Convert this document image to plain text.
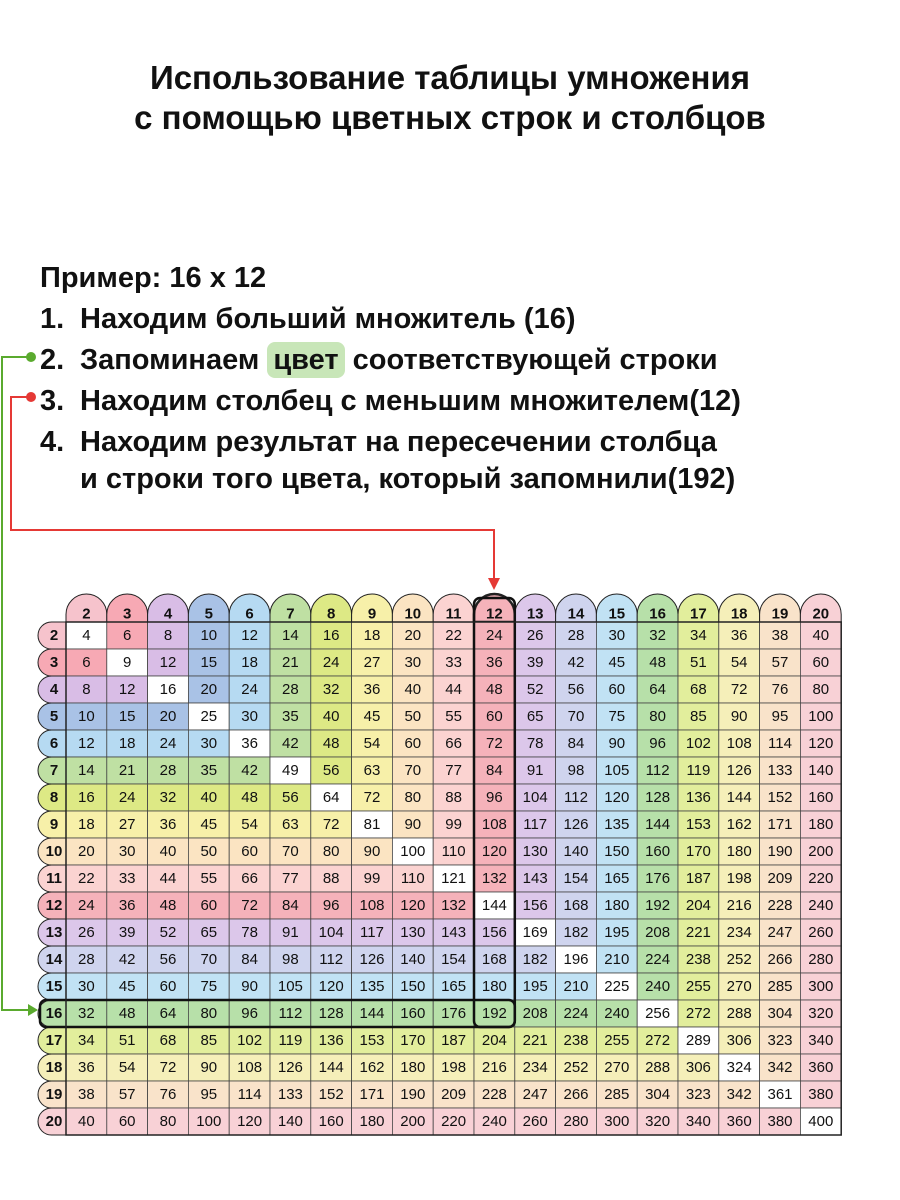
Использование таблицы умножения
с помощью цветных строк и столбцов
Пример: 16 х 12
1. Находим больший множитель (16)
2. Запоминаем цвет соответствующей строки
3. Находим столбец с меньшим множителем(12)
4. Находим результат на пересечении столбца
и строки того цвета, который запомнили(192)
2 3 4 5 6 7 8 9 10 11 12 13 14 15 16 17 18 19 20
2 4 6 8 10 12 14 16 18 20 22 24 26 28 30 32 34 36 38 40
3 6 9 12 15 18 21 24 27 30 33 36 39 42 45 48 51 54 57 60
4 8 12 16 20 24 28 32 36 40 44 48 52 56 60 64 68 72 76 80
5 10 15 20 25 30 35 40 45 50 55 60 65 70 75 80 85 90 95 100
6 12 18 24 30 36 42 48 54 60 66 72 78 84 90 96 102 108 114 120
7 14 21 28 35 42 49 56 63 70 77 84 91 98 105 112 119 126 133 140
8 16 24 32 40 48 56 64 72 80 88 96 104 112 120 128 136 144 152 160
9 18 27 36 45 54 63 72 81 90 99 108 117 126 135 144 153 162 171 180
10 20 30 40 50 60 70 80 90 100 110 120 130 140 150 160 170 180 190 200
11 22 33 44 55 66 77 88 99 110 121 132 143 154 165 176 187 198 209 220
12 24 36 48 60 72 84 96 108 120 132 144 156 168 180 192 204 216 228 240
13 26 39 52 65 78 91 104 117 130 143 156 169 182 195 208 221 234 247 260
14 28 42 56 70 84 98 112 126 140 154 168 182 196 210 224 238 252 266 280
15 30 45 60 75 90 105 120 135 150 165 180 195 210 225 240 255 270 285 300
16 32 48 64 80 96 112 128 144 160 176 192 208 224 240 256 272 288 304 320
17 34 51 68 85 102 119 136 153 170 187 204 221 238 255 272 289 306 323 340
18 36 54 72 90 108 126 144 162 180 198 216 234 252 270 288 306 324 342 360
19 38 57 76 95 114 133 152 171 190 209 228 247 266 285 304 323 342 361 380
20 40 60 80 100 120 140 160 180 200 220 240 260 280 300 320 340 360 380 400
